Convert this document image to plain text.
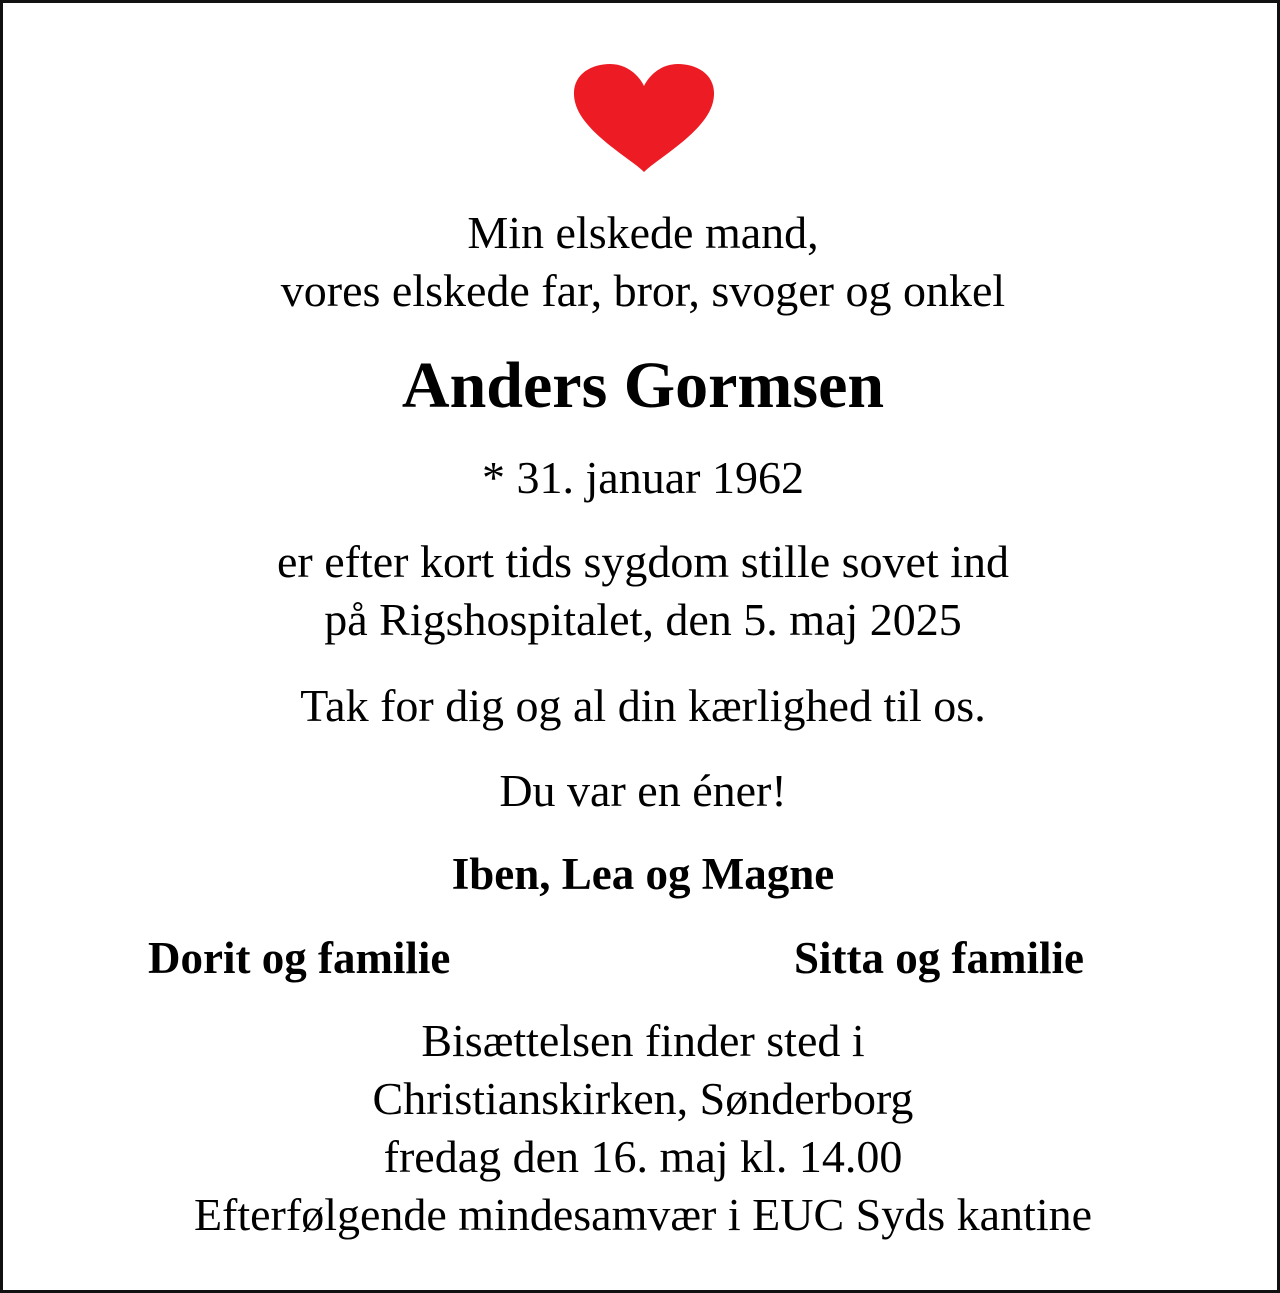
Min elskede mand,
vores elskede far, bror, svoger og onkel
Anders Gormsen
* 31. januar 1962
er efter kort tids sygdom stille sovet ind
på Rigshospitalet, den 5. maj 2025
Tak for dig og al din kærlighed til os.
Du var en éner!
Iben, Lea og Magne
Dorit og familie	Sitta og familie
Bisættelsen finder sted i
Christianskirken, Sønderborg
fredag den 16. maj kl. 14.00
Efterfølgende mindesamvær i EUC Syds kantine
